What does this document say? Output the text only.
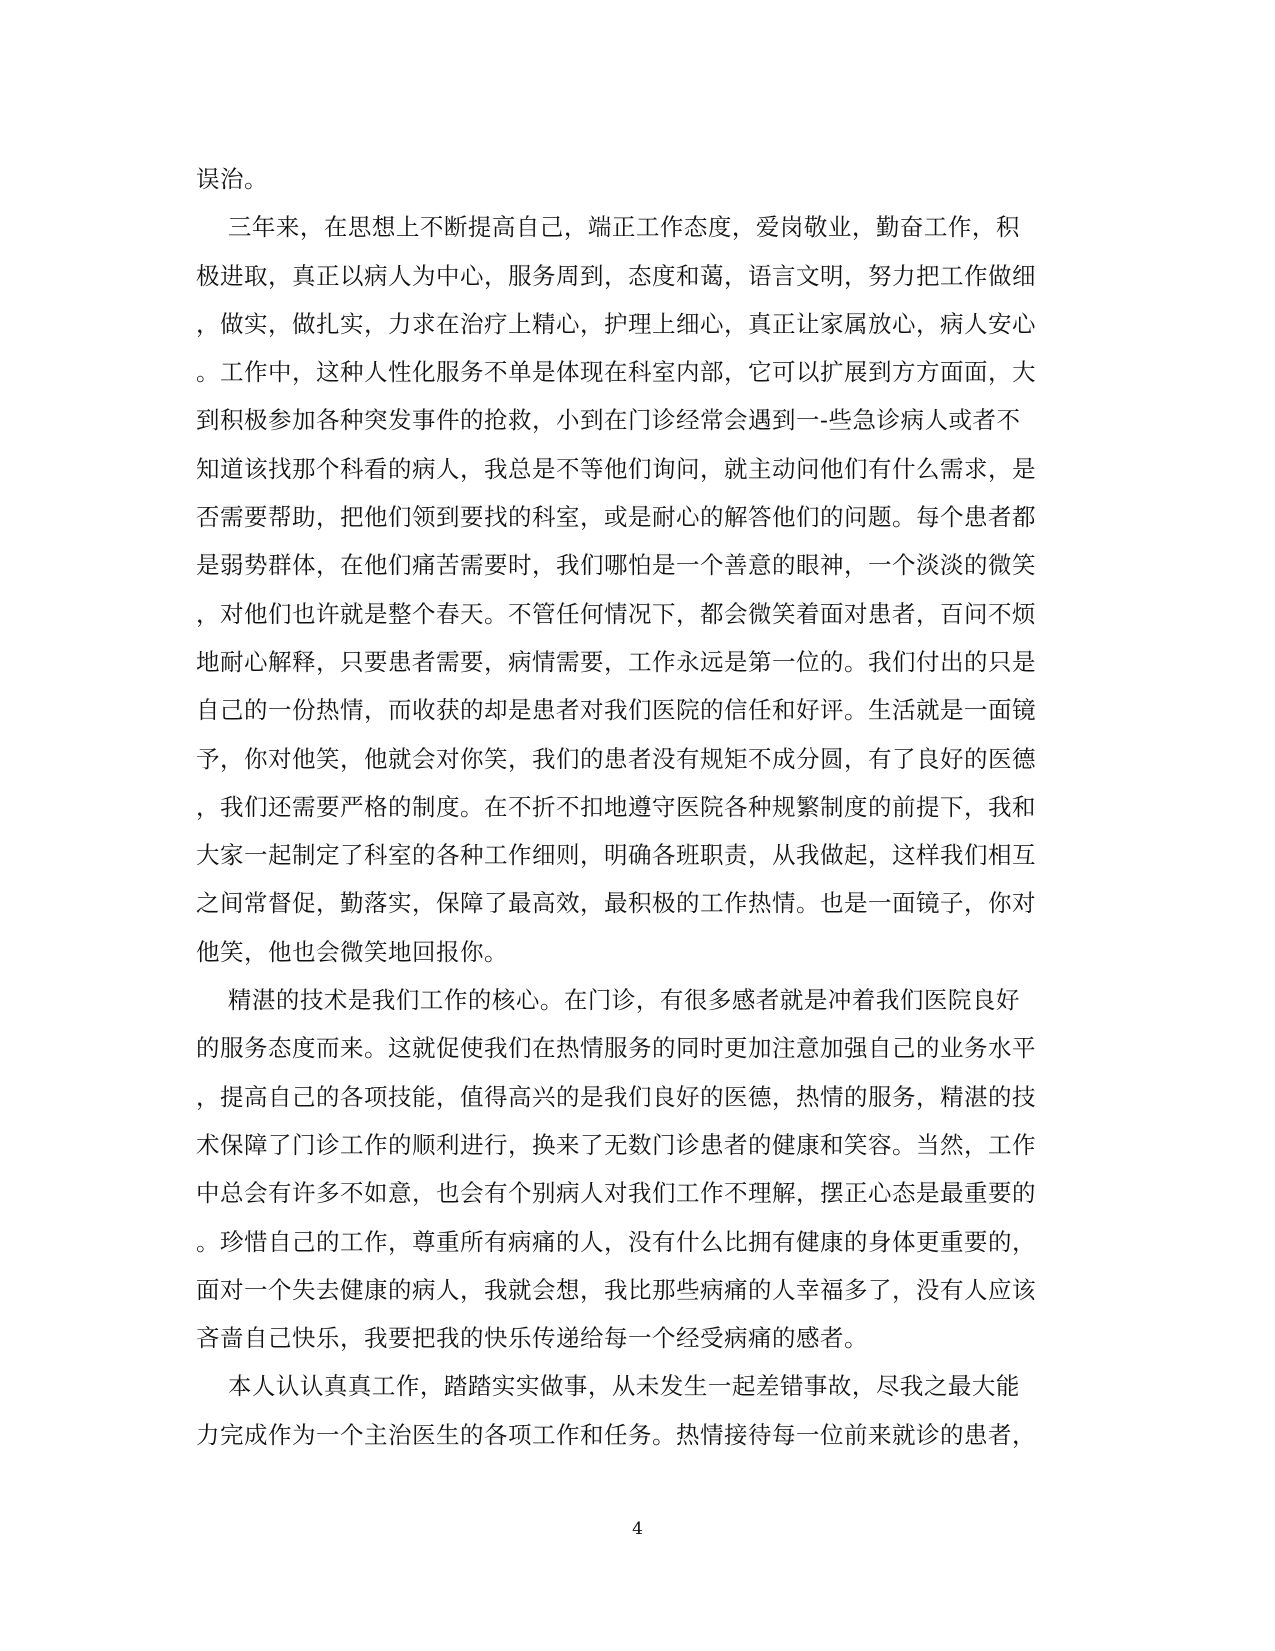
误治。
三年来，在思想上不断提高自己，端正工作态度，爱岗敬业，勤奋工作，积
极进取，真正以病人为中心，服务周到，态度和蔼，语言文明，努力把工作做细
，做实，做扎实，力求在治疗上精心，护理上细心，真正让家属放心，病人安心
。工作中，这种人性化服务不单是体现在科室内部，它可以扩展到方方面面，大
到积极参加各种突发事件的抢救，小到在门诊经常会遇到一-些急诊病人或者不
知道该找那个科看的病人，我总是不等他们询问，就主动问他们有什么需求，是
否需要帮助，把他们领到要找的科室，或是耐心的解答他们的问题。每个患者都
是弱势群体，在他们痛苦需要时，我们哪怕是一个善意的眼神，一个淡淡的微笑
，对他们也许就是整个春天。不管任何情况下，都会微笑着面对患者，百问不烦
地耐心解释，只要患者需要，病情需要，工作永远是第一位的。我们付出的只是
自己的一份热情，而收获的却是患者对我们医院的信任和好评。生活就是一面镜
予，你对他笑，他就会对你笑，我们的患者没有规矩不成分圆，有了良好的医德
，我们还需要严格的制度。在不折不扣地遵守医院各种规繁制度的前提下，我和
大家一起制定了科室的各种工作细则，明确各班职责，从我做起，这样我们相互
之间常督促，勤落实，保障了最高效，最积极的工作热情。也是一面镜子，你对
他笑，他也会微笑地回报你。
精湛的技术是我们工作的核心。在门诊，有很多感者就是冲着我们医院良好
的服务态度而来。这就促使我们在热情服务的同时更加注意加强自己的业务水平
，提高自己的各项技能，值得高兴的是我们良好的医德，热情的服务，精湛的技
术保障了门诊工作的顺利进行，换来了无数门诊患者的健康和笑容。当然，工作
中总会有许多不如意，也会有个别病人对我们工作不理解，摆正心态是最重要的
。珍惜自己的工作，尊重所有病痛的人，没有什么比拥有健康的身体更重要的，
面对一个失去健康的病人，我就会想，我比那些病痛的人幸福多了，没有人应该
吝啬自己快乐，我要把我的快乐传递给每一个经受病痛的感者。
本人认认真真工作，踏踏实实做事，从未发生一起差错事故，尽我之最大能
力完成作为一个主治医生的各项工作和任务。热情接待每一位前来就诊的患者，
4
